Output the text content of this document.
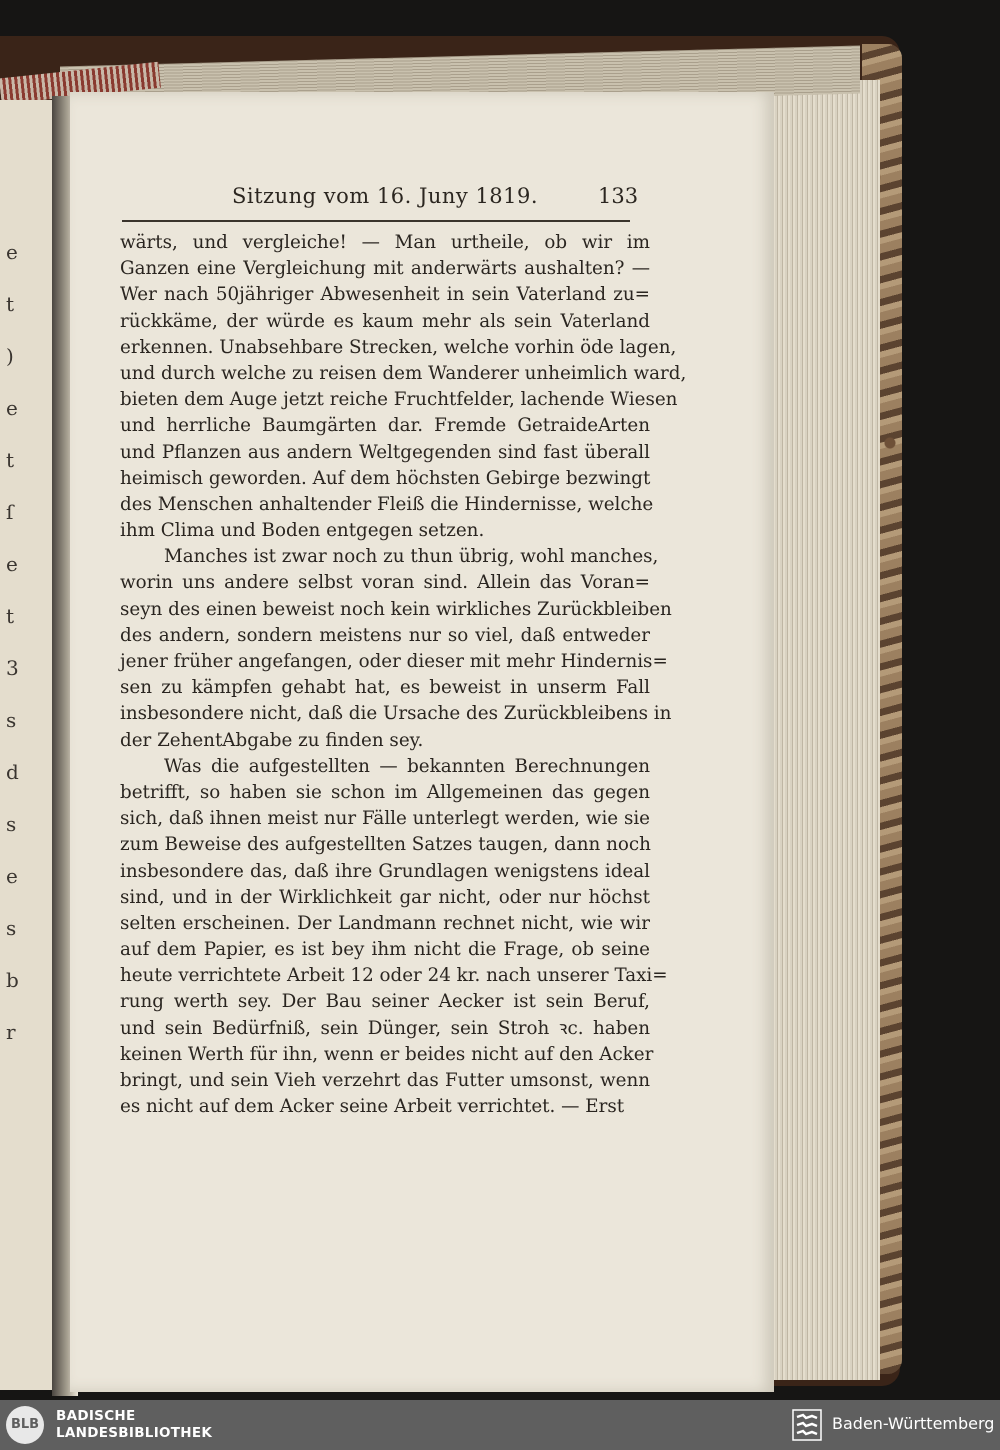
e
t
)
e
t
ſ
e
t
3
s
d
s
e
s
b
r
Sitzung vom 16. Juny 1819.	133
wärts, und vergleiche! — Man urtheile, ob wir im
Ganzen eine Vergleichung mit anderwärts aushalten? —
Wer nach 50jähriger Abwesenheit in sein Vaterland zu=
rückkäme, der würde es kaum mehr als sein Vaterland
erkennen. Unabsehbare Strecken, welche vorhin öde lagen,
und durch welche zu reisen dem Wanderer unheimlich ward,
bieten dem Auge jetzt reiche Fruchtfelder, lachende Wiesen
und herrliche Baumgärten dar. Fremde GetraideArten
und Pflanzen aus andern Weltgegenden sind fast überall
heimisch geworden. Auf dem höchsten Gebirge bezwingt
des Menschen anhaltender Fleiß die Hindernisse, welche
ihm Clima und Boden entgegen setzen.
Manches ist zwar noch zu thun übrig, wohl manches,
worin uns andere selbst voran sind. Allein das Voran=
seyn des einen beweist noch kein wirkliches Zurückbleiben
des andern, sondern meistens nur so viel, daß entweder
jener früher angefangen, oder dieser mit mehr Hindernis=
sen zu kämpfen gehabt hat, es beweist in unserm Fall
insbesondere nicht, daß die Ursache des Zurückbleibens in
der ZehentAbgabe zu finden sey.
Was die aufgestellten — bekannten Berechnungen
betrifft, so haben sie schon im Allgemeinen das gegen
sich, daß ihnen meist nur Fälle unterlegt werden, wie sie
zum Beweise des aufgestellten Satzes taugen, dann noch
insbesondere das, daß ihre Grundlagen wenigstens ideal
sind, und in der Wirklichkeit gar nicht, oder nur höchst
selten erscheinen. Der Landmann rechnet nicht, wie wir
auf dem Papier, es ist bey ihm nicht die Frage, ob seine
heute verrichtete Arbeit 12 oder 24 kr. nach unserer Taxi=
rung werth sey. Der Bau seiner Aecker ist sein Beruf,
und sein Bedürfniß, sein Dünger, sein Stroh ꝛc. haben
keinen Werth für ihn, wenn er beides nicht auf den Acker
bringt, und sein Vieh verzehrt das Futter umsonst, wenn
es nicht auf dem Acker seine Arbeit verrichtet. — Erst
BLB
BADISCHE
LANDESBIBLIOTHEK	Baden-Württemberg
